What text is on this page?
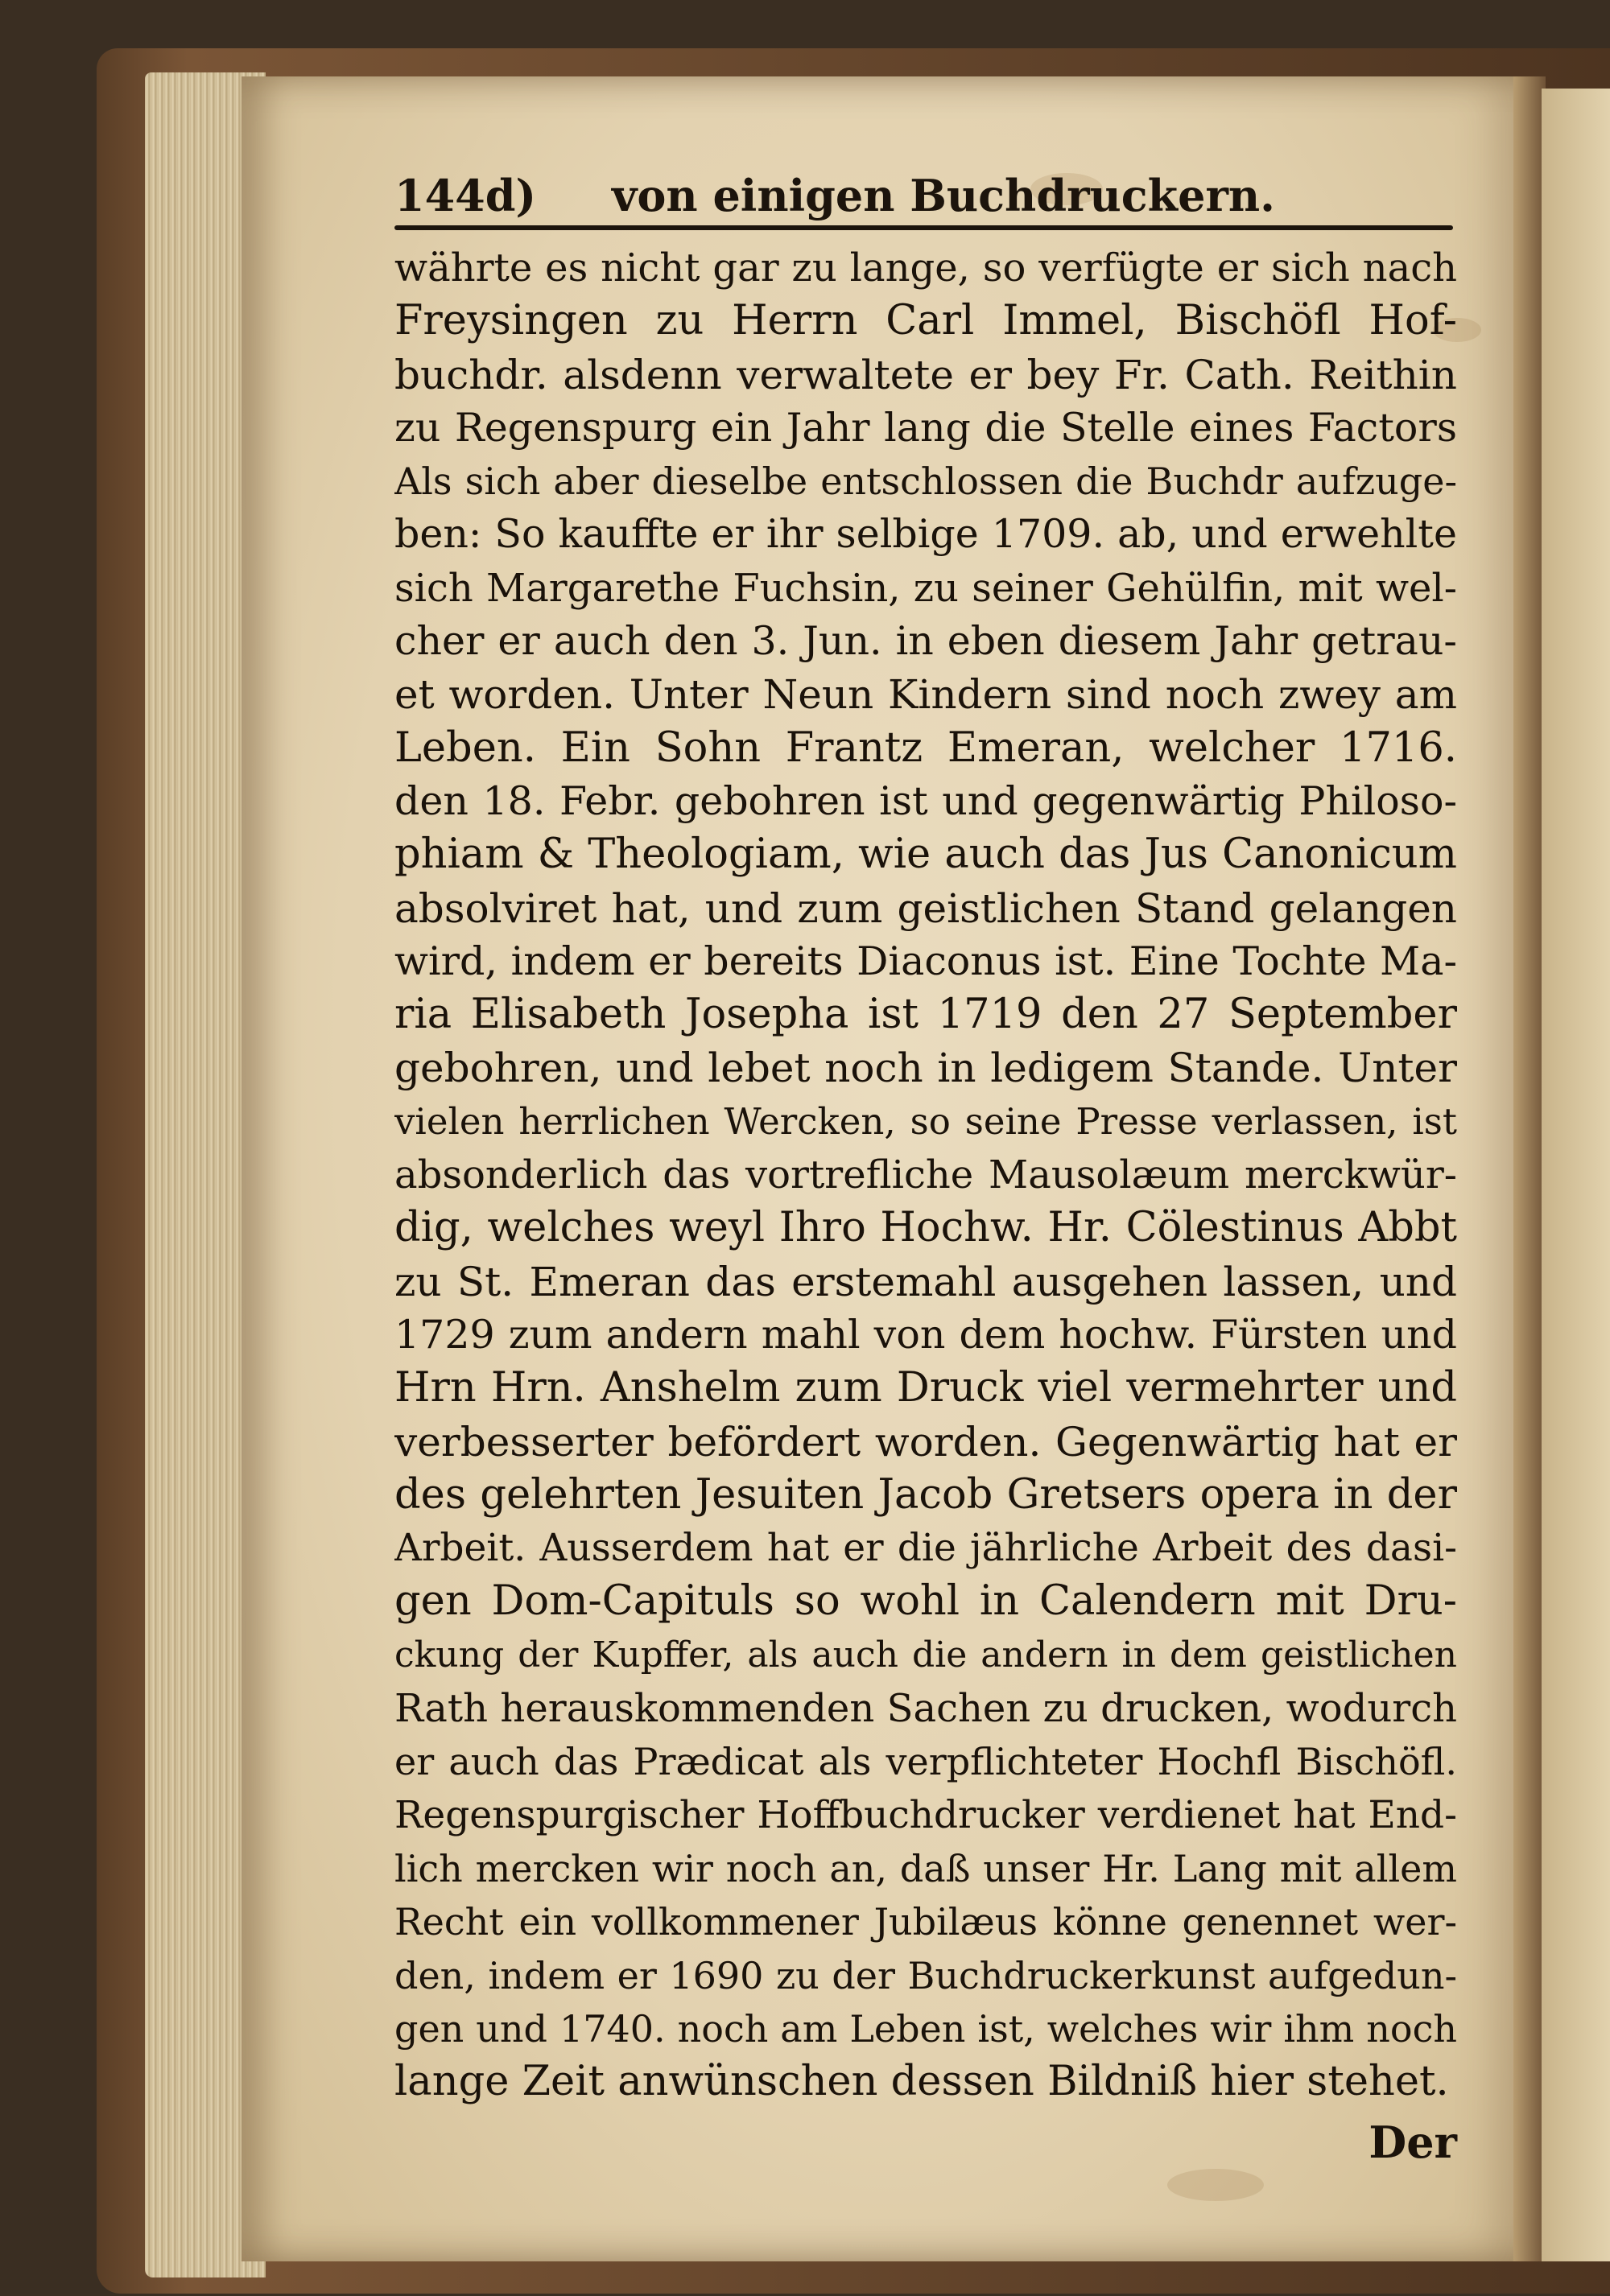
144d)	von einigen Buchdruckern.
währte es nicht gar zu lange, so verfügte er sich nach
Freysingen zu Herrn Carl Immel, Bischöfl Hof-
buchdr. alsdenn verwaltete er bey Fr. Cath. Reithin
zu Regenspurg ein Jahr lang die Stelle eines Factors
Als sich aber dieselbe entschlossen die Buchdr aufzuge-
ben: So kauffte er ihr selbige 1709. ab, und erwehlte
sich Margarethe Fuchsin, zu seiner Gehülfin, mit wel-
cher er auch den 3. Jun. in eben diesem Jahr getrau-
et worden. Unter Neun Kindern sind noch zwey am
Leben. Ein Sohn Frantz Emeran, welcher 1716.
den 18. Febr. gebohren ist und gegenwärtig Philoso-
phiam & Theologiam, wie auch das Jus Canonicum
absolviret hat, und zum geistlichen Stand gelangen
wird, indem er bereits Diaconus ist. Eine Tochte Ma-
ria Elisabeth Josepha ist 1719 den 27 September
gebohren, und lebet noch in ledigem Stande. Unter
vielen herrlichen Wercken, so seine Presse verlassen, ist
absonderlich das vortrefliche Mausolæum merckwür-
dig, welches weyl Ihro Hochw. Hr. Cölestinus Abbt
zu St. Emeran das erstemahl ausgehen lassen, und
1729 zum andern mahl von dem hochw. Fürsten und
Hrn Hrn. Anshelm zum Druck viel vermehrter und
verbesserter befördert worden. Gegenwärtig hat er
des gelehrten Jesuiten Jacob Gretsers opera in der
Arbeit. Ausserdem hat er die jährliche Arbeit des dasi-
gen Dom-Capituls so wohl in Calendern mit Dru-
ckung der Kupffer, als auch die andern in dem geistlichen
Rath herauskommenden Sachen zu drucken, wodurch
er auch das Prædicat als verpflichteter Hochfl Bischöfl.
Regenspurgischer Hoffbuchdrucker verdienet hat End-
lich mercken wir noch an, daß unser Hr. Lang mit allem
Recht ein vollkommener Jubilæus könne genennet wer-
den, indem er 1690 zu der Buchdruckerkunst aufgedun-
gen und 1740. noch am Leben ist, welches wir ihm noch
lange Zeit anwünschen dessen Bildniß hier stehet.
Der
